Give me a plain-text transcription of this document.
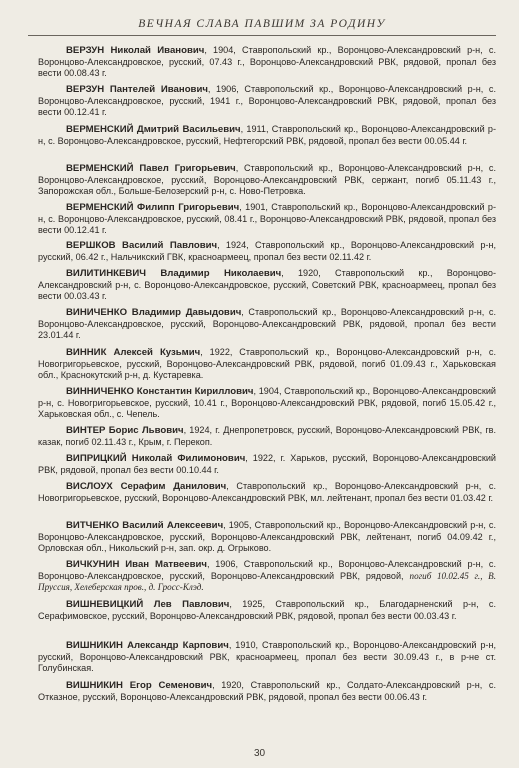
ВЕЧНАЯ СЛАВА ПАВШИМ ЗА РОДИНУ
ВЕРЗУН Николай Иванович, 1904, Ставропольский кр., Воронцово-Александровский р-н, с. Воронцово-Александровское, русский, 07.43 г., Воронцово-Александровский РВК, рядовой, пропал без вести 00.08.43 г.
ВЕРЗУН Пантелей Иванович, 1906, Ставропольский кр., Воронцово-Александровский р-н, с. Воронцово-Александровское, русский, 1941 г., Воронцово-Александровский РВК, рядовой, пропал без вести 00.12.41 г.
ВЕРМЕНСКИЙ Дмитрий Васильевич, 1911, Ставропольский кр., Воронцово-Александровский р-н, с. Воронцово-Александровское, русский, Нефтегорский РВК, рядовой, пропал без вести 00.05.44 г.
ВЕРМЕНСКИЙ Павел Григорьевич, Ставропольский кр., Воронцово-Александровский р-н, с. Воронцово-Александровское, русский, Воронцово-Александровский РВК, сержант, погиб 05.11.43 г., Запорожская обл., Больше-Белозерский р-н, с. Ново-Петровка.
ВЕРМЕНСКИЙ Филипп Григорьевич, 1901, Ставропольский кр., Воронцово-Александровский р-н, с. Воронцово-Александровское, русский, 08.41 г., Воронцово-Александровский РВК, рядовой, пропал без вести 00.12.41 г.
ВЕРШКОВ Василий Павлович, 1924, Ставропольский кр., Воронцово-Александровский р-н, русский, 06.42 г., Нальчикский ГВК, красноармеец, пропал без вести 02.11.42 г.
ВИЛИТИНКЕВИЧ Владимир Николаевич, 1920, Ставропольский кр., Воронцово-Александровский р-н, с. Воронцово-Александровское, русский, Советский РВК, красноармеец, пропал без вести 00.03.43 г.
ВИНИЧЕНКО Владимир Давыдович, Ставропольский кр., Воронцово-Александровский р-н, с. Воронцово-Александровское, русский, Воронцово-Александровский РВК, рядовой, пропал без вести 23.01.44 г.
ВИННИК Алексей Кузьмич, 1922, Ставропольский кр., Воронцово-Александровский р-н, с. Новогригорьевское, русский, Воронцово-Александровский РВК, рядовой, погиб 01.09.43 г., Харьковская обл., Краснокутский р-н, д. Кустаревка.
ВИННИЧЕНКО Константин Кириллович, 1904, Ставропольский кр., Воронцово-Александровский р-н, с. Новогригорьевское, русский, 10.41 г., Воронцово-Александровский РВК, рядовой, погиб 15.05.42 г., Харьковская обл., с. Чепель.
ВИНТЕР Борис Львович, 1924, г. Днепропетровск, русский, Воронцово-Александровский РВК, гв. казак, погиб 02.11.43 г., Крым, г. Перекоп.
ВИПРИЦКИЙ Николай Филимонович, 1922, г. Харьков, русский, Воронцово-Александровский РВК, рядовой, пропал без вести 00.10.44 г.
ВИСЛОУХ Серафим Данилович, Ставропольский кр., Воронцово-Александровский р-н, с. Новогригорьевское, русский, Воронцово-Александровский РВК, мл. лейтенант, пропал без вести 01.03.42 г.
ВИТЧЕНКО Василий Алексеевич, 1905, Ставропольский кр., Воронцово-Александровский р-н, с. Воронцово-Александровское, русский, Воронцово-Александровский РВК, лейтенант, погиб 04.09.42 г., Орловская обл., Никольский р-н, зап. окр. д. Огрыково.
ВИЧКУНИН Иван Матвеевич, 1906, Ставропольский кр., Воронцово-Александровский р-н, с. Воронцово-Александровское, русский, Воронцово-Александровский РВК, рядовой, погиб 10.02.45 г., В. Пруссия, Хелеберская пров., д. Гросс-Клэд.
ВИШНЕВИЦКИЙ Лев Павлович, 1925, Ставропольский кр., Благодарненский р-н, с. Серафимовское, русский, Воронцово-Александровский РВК, рядовой, пропал без вести 00.03.43 г.
ВИШНИКИН Александр Карпович, 1910, Ставропольский кр., Воронцово-Александровский р-н, русский, Воронцово-Александровский РВК, красноармеец, пропал без вести 30.09.43 г., в р-не ст. Голубинская.
ВИШНИКИН Егор Семенович, 1920, Ставропольский кр., Солдато-Александровский р-н, с. Отказное, русский, Воронцово-Александровский РВК, рядовой, пропал без вести 00.06.43 г.
30
